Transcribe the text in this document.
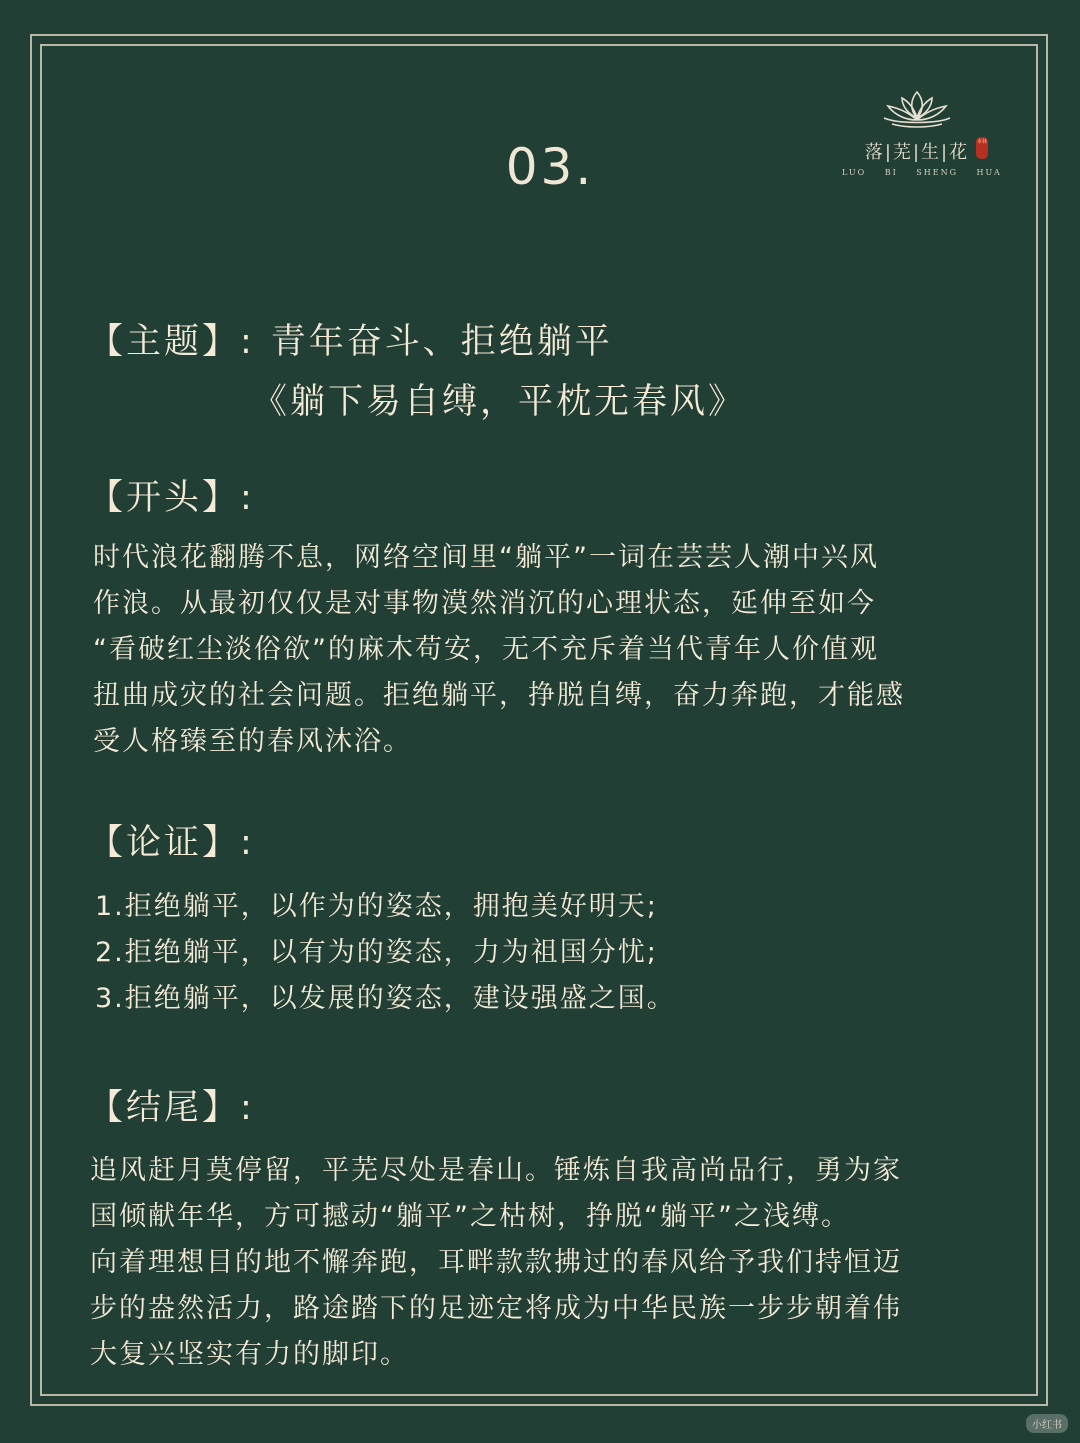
03.	落|芜|生|花	本林
LUO BI SHENG HUA
【主题】: 青年奋斗、拒绝躺平
《躺下易自缚，平枕无春风》
【开头】:
时代浪花翻腾不息，网络空间里“躺平”一词在芸芸人潮中兴风
作浪。从最初仅仅是对事物漠然消沉的心理状态，延伸至如今
“看破红尘淡俗欲”的麻木苟安，无不充斥着当代青年人价值观
扭曲成灾的社会问题。拒绝躺平，挣脱自缚，奋力奔跑，才能感
受人格臻至的春风沐浴。
【论证】:
1.拒绝躺平，以作为的姿态，拥抱美好明天;
2.拒绝躺平，以有为的姿态，力为祖国分忧;
3.拒绝躺平，以发展的姿态，建设强盛之国。
【结尾】:
追风赶月莫停留，平芜尽处是春山。锤炼自我高尚品行，勇为家
国倾献年华，方可撼动“躺平”之枯树，挣脱“躺平”之浅缚。
向着理想目的地不懈奔跑，耳畔款款拂过的春风给予我们持恒迈
步的盎然活力，路途踏下的足迹定将成为中华民族一步步朝着伟
大复兴坚实有力的脚印。
小红书
